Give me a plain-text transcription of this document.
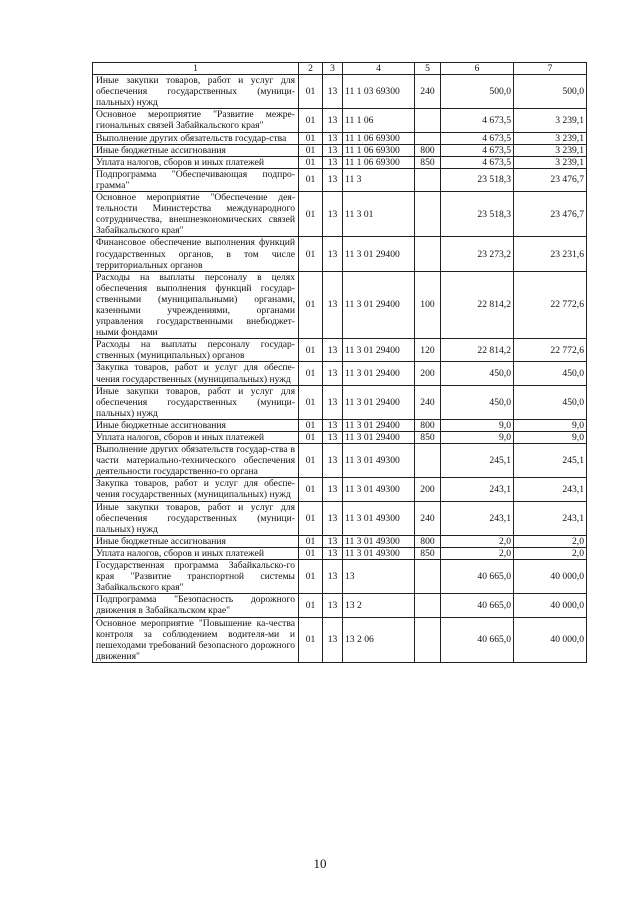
1	2	3	4	5	6	7
Иные закупки товаров, работ и услуг для обеспечения государственных (муници-пальных) нужд	01	13	11 1 03 69300	240	500,0	500,0
Основное мероприятие "Развитие межре-гиональных связей Забайкальского края"	01	13	11 1 06		4 673,5	3 239,1
Выполнение других обязательств государ-ства	01	13	11 1 06 69300		4 673,5	3 239,1
Иные бюджетные ассигнования	01	13	11 1 06 69300	800	4 673,5	3 239,1
Уплата налогов, сборов и иных платежей	01	13	11 1 06 69300	850	4 673,5	3 239,1
Подпрограмма "Обеспечивающая подпро-грамма"	01	13	11 3		23 518,3	23 476,7
Основное мероприятие "Обеспечение дея-тельности Министерства международного сотрудничества, внешнеэкономических связей Забайкальского края"	01	13	11 3 01		23 518,3	23 476,7
Финансовое обеспечение выполнения функций государственных органов, в том числе территориальных органов	01	13	11 3 01 29400		23 273,2	23 231,6
Расходы на выплаты персоналу в целях обеспечения выполнения функций государ-ственными (муниципальными) органами, казенными учреждениями, органами управления государственными внебюджет-ными фондами	01	13	11 3 01 29400	100	22 814,2	22 772,6
Расходы на выплаты персоналу государ-ственных (муниципальных) органов	01	13	11 3 01 29400	120	22 814,2	22 772,6
Закупка товаров, работ и услуг для обеспе-чения государственных (муниципальных) нужд	01	13	11 3 01 29400	200	450,0	450,0
Иные закупки товаров, работ и услуг для обеспечения государственных (муници-пальных) нужд	01	13	11 3 01 29400	240	450,0	450,0
Иные бюджетные ассигнования	01	13	11 3 01 29400	800	9,0	9,0
Уплата налогов, сборов и иных платежей	01	13	11 3 01 29400	850	9,0	9,0
Выполнение других обязательств государ-ства в части материально-технического обеспечения деятельности государственно-го органа	01	13	11 3 01 49300		245,1	245,1
Закупка товаров, работ и услуг для обеспе-чения государственных (муниципальных) нужд	01	13	11 3 01 49300	200	243,1	243,1
Иные закупки товаров, работ и услуг для обеспечения государственных (муници-пальных) нужд	01	13	11 3 01 49300	240	243,1	243,1
Иные бюджетные ассигнования	01	13	11 3 01 49300	800	2,0	2,0
Уплата налогов, сборов и иных платежей	01	13	11 3 01 49300	850	2,0	2,0
Государственная программа Забайкальско-го края "Развитие транспортной системы Забайкальского края"	01	13	13		40 665,0	40 000,0
Подпрограмма "Безопасность дорожного движения в Забайкальском крае"	01	13	13 2		40 665,0	40 000,0
Основное мероприятие "Повышение ка-чества контроля за соблюдением водителя-ми и пешеходами требований безопасного дорожного движения"	01	13	13 2 06		40 665,0	40 000,0
10
